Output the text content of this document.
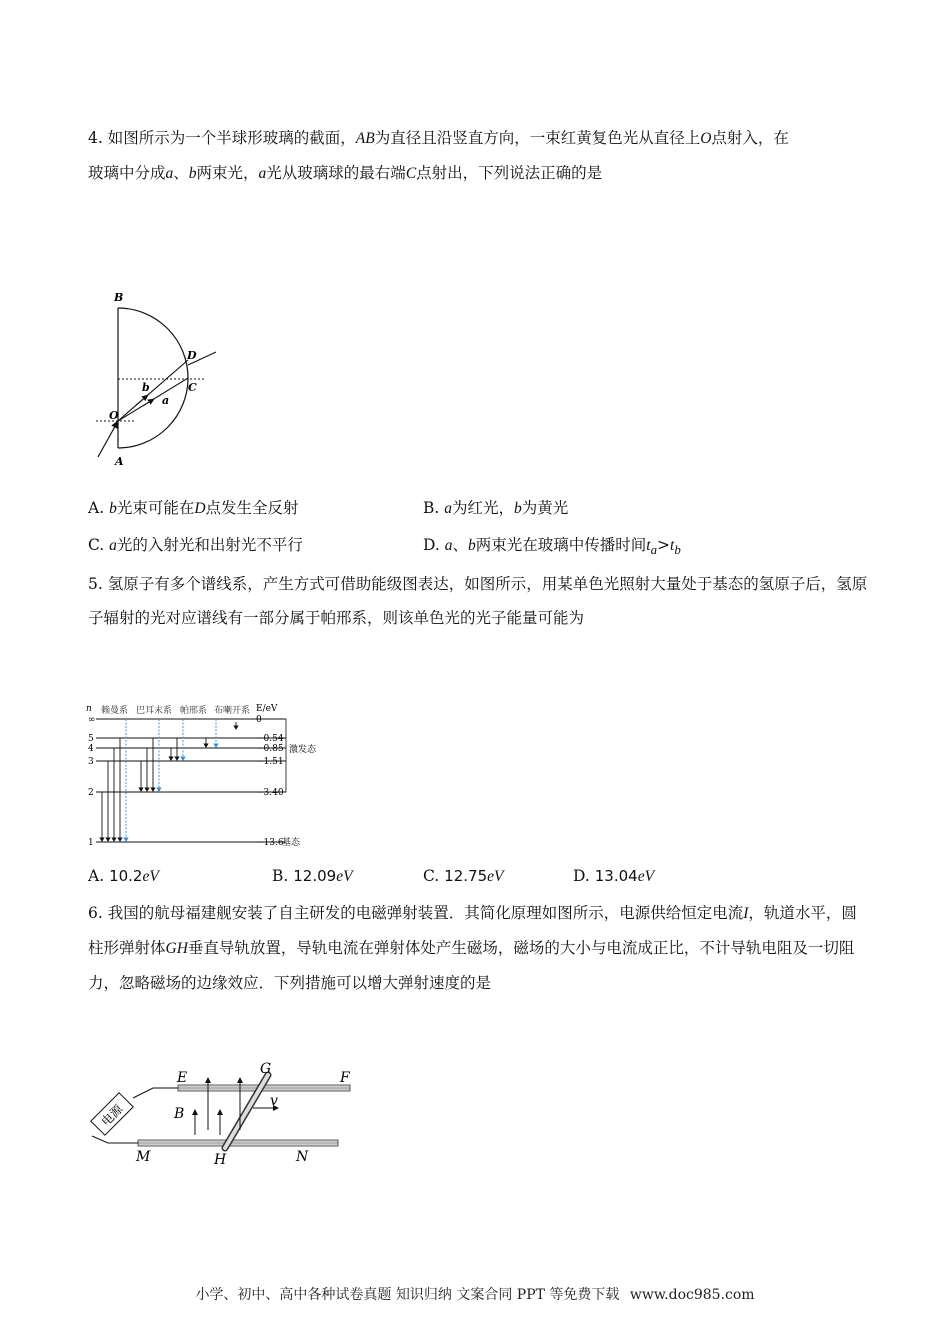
4. 如图所示为一个半球形玻璃的截面，AB为直径且沿竖直方向，一束红黄复色光从直径上O点射入，在
玻璃中分成a、b两束光，a光从玻璃球的最右端C点射出，下列说法正确的是
B
D
b
a
C
O
A
A. b光束可能在D点发生全反射	B. a为红光，b为黄光
C. a光的入射光和出射光不平行	D. a、b两束光在玻璃中传播时间$t_a>t_b$
5. 氢原子有多个谱线系，产生方式可借助能级图表达，如图所示，用某单色光照射大量处于基态的氢原子后，氢原子辐射的光对应谱线有一部分属于帕邢系，则该单色光的光子能量可能为
∞	0
5	−0.54
4	−0.85
3	−1.51
2	−3.40
1	−13.6
n	E/eV
赖曼系 巴耳末系 帕邢系 布喇开系
激发态
基态
A. 10.2eV	B. 12.09eV	C. 12.75eV	D. 13.04eV
6. 我国的航母福建舰安装了自主研发的电磁弹射装置．其简化原理如图所示，电源供给恒定电流I，轨道水平，圆柱形弹射体GH垂直导轨放置，导轨电流在弹射体处产生磁场，磁场的大小与电流成正比，不计导轨电阻及一切阻力，忽略磁场的边缘效应．下列措施可以增大弹射速度的是
电源
E	F
G
B
v
M	H	N
小学、初中、高中各种试卷真题 知识归纳 文案合同 PPT 等免费下载 www.doc985.com
